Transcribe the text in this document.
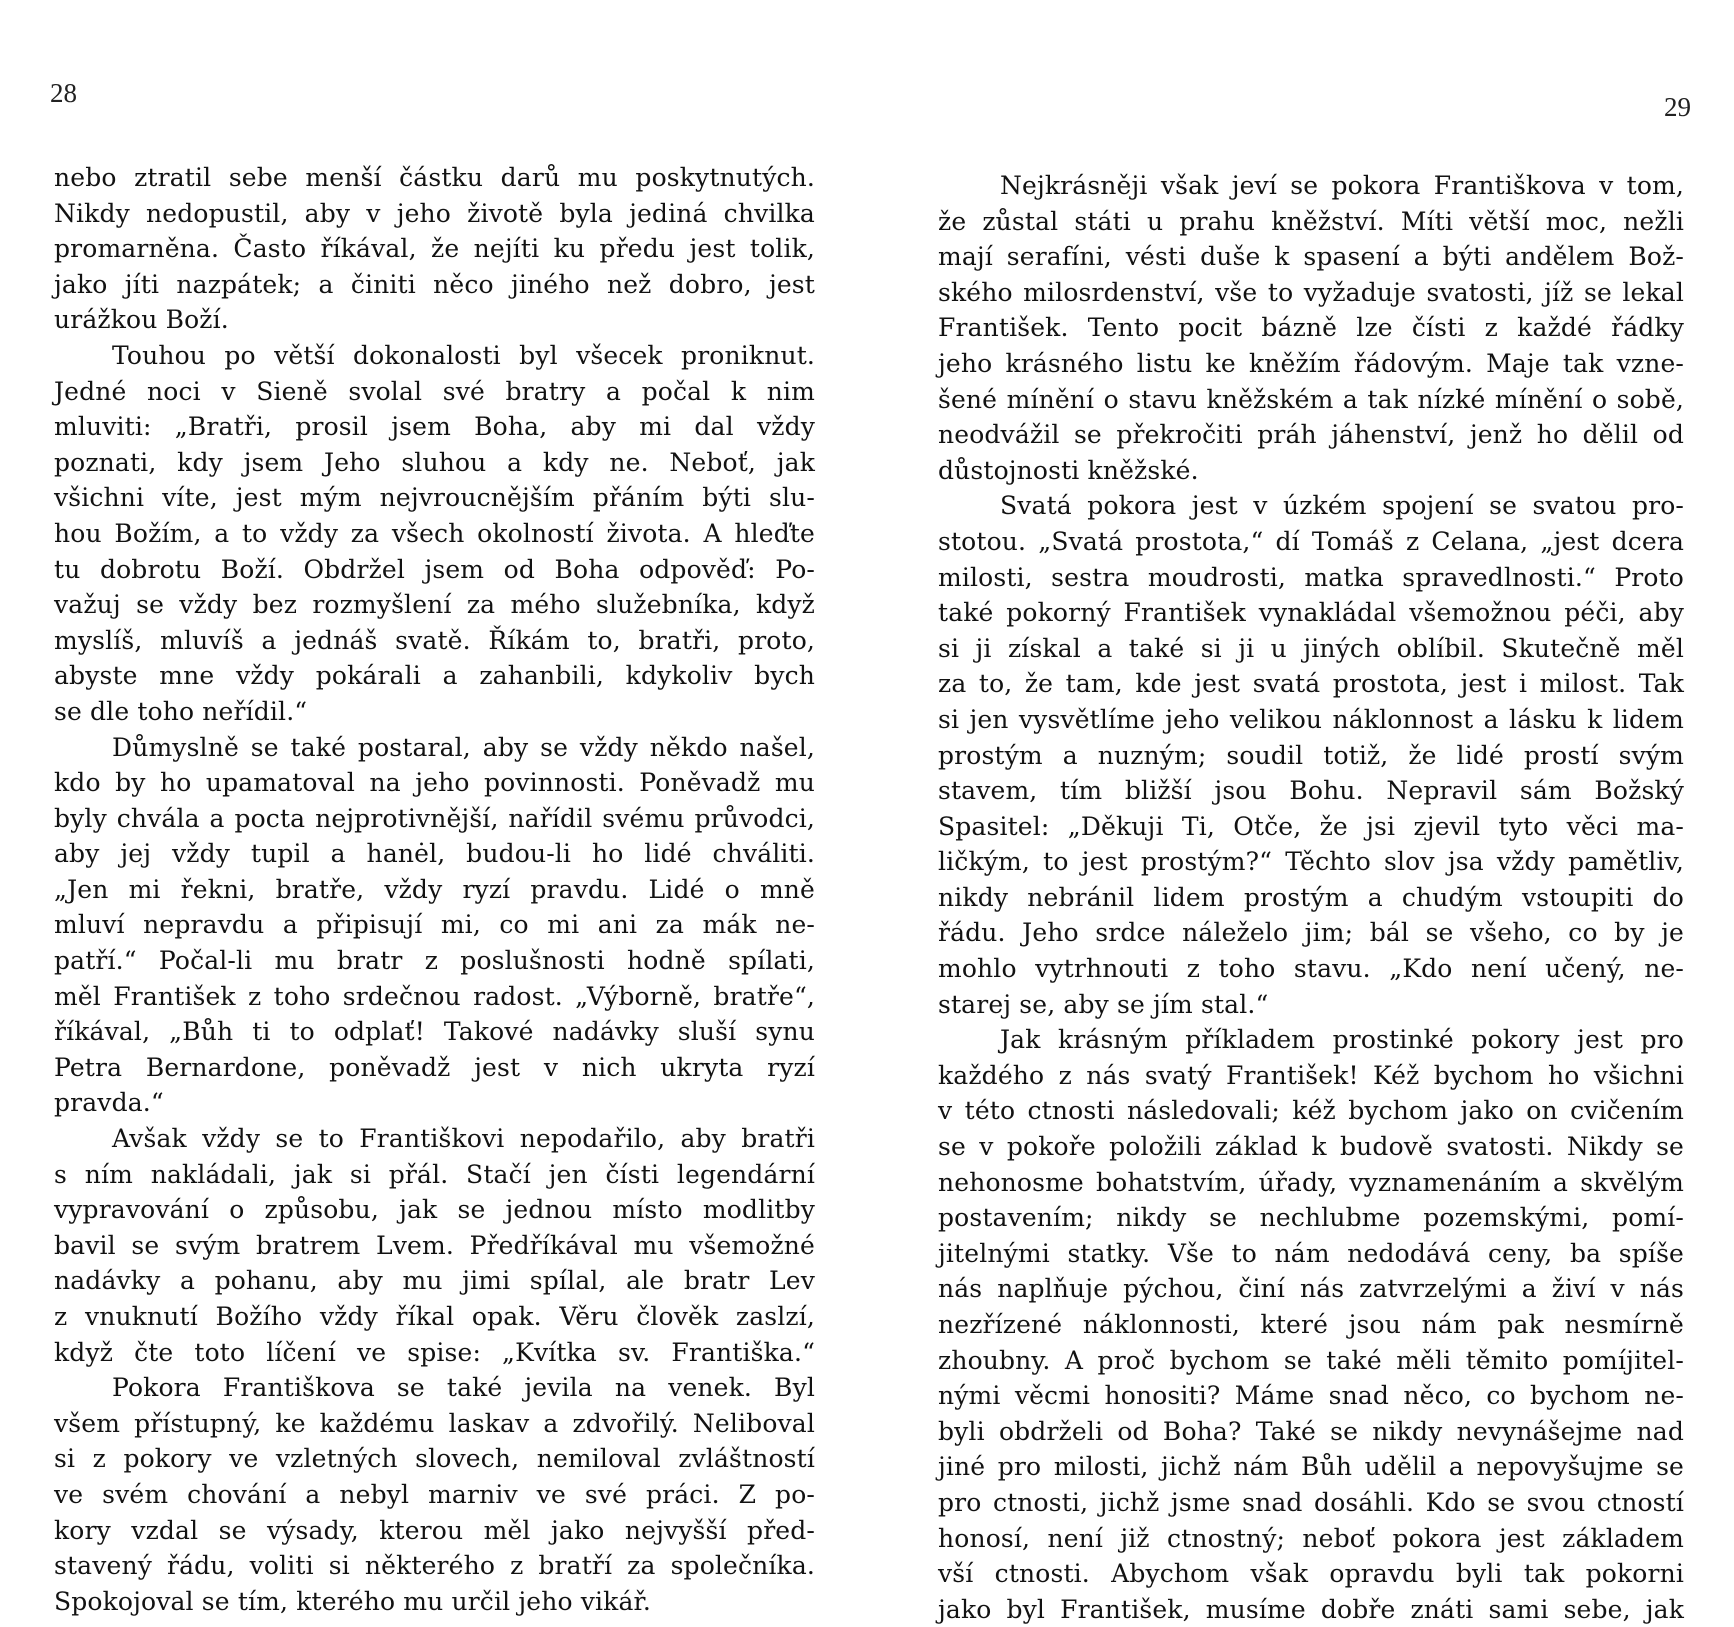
28	29
nebo ztratil sebe menší částku darů mu poskytnutých.
Nikdy nedopustil, aby v jeho životě byla jediná chvilka
promarněna. Často říkával, že nejíti ku předu jest tolik,
jako jíti nazpátek; a činiti něco jiného než dobro, jest
urážkou Boží.
Touhou po větší dokonalosti byl všecek proniknut.
Jedné noci v Sieně svolal své bratry a počal k nim
mluviti: „Bratři, prosil jsem Boha, aby mi dal vždy
poznati, kdy jsem Jeho sluhou a kdy ne. Neboť, jak
všichni víte, jest mým nejvroucnějším přáním býti slu-
hou Božím, a to vždy za všech okolností života. A hleďte
tu dobrotu Boží. Obdržel jsem od Boha odpověď: Po-
važuj se vždy bez rozmyšlení za mého služebníka, když
myslíš, mluvíš a jednáš svatě. Říkám to, bratři, proto,
abyste mne vždy pokárali a zahanbili, kdykoliv bych
se dle toho neřídil.“
Důmyslně se také postaral, aby se vždy někdo našel,
kdo by ho upamatoval na jeho povinnosti. Poněvadž mu
byly chvála a pocta nejprotivnější, nařídil svému průvodci,
aby jej vždy tupil a hanėl, budou-li ho lidé chváliti.
„Jen mi řekni, bratře, vždy ryzí pravdu. Lidé o mně
mluví nepravdu a připisují mi, co mi ani za mák ne-
patří.“ Počal-li mu bratr z poslušnosti hodně spílati,
měl František z toho srdečnou radost. „Výborně, bratře“,
říkával, „Bůh ti to odplať! Takové nadávky sluší synu
Petra Bernardone, poněvadž jest v nich ukryta ryzí
pravda.“
Avšak vždy se to Františkovi nepodařilo, aby bratři
s ním nakládali, jak si přál. Stačí jen čísti legendární
vypravování o způsobu, jak se jednou místo modlitby
bavil se svým bratrem Lvem. Předříkával mu všemožné
nadávky a pohanu, aby mu jimi spílal, ale bratr Lev
z vnuknutí Božího vždy říkal opak. Věru člověk zaslzí,
když čte toto líčení ve spise: „Kvítka sv. Františka.“
Pokora Františkova se také jevila na venek. Byl
všem přístupný, ke každému laskav a zdvořilý. Neliboval
si z pokory ve vzletných slovech, nemiloval zvláštností
ve svém chování a nebyl marniv ve své práci. Z po-
kory vzdal se výsady, kterou měl jako nejvyšší před-
stavený řádu, voliti si některého z bratří za společníka.
Spokojoval se tím, kterého mu určil jeho vikář.
Nejkrásněji však jeví se pokora Františkova v tom,
že zůstal státi u prahu kněžství. Míti větší moc, nežli
mají serafíni, vésti duše k spasení a býti andělem Bož-
ského milosrdenství, vše to vyžaduje svatosti, jíž se lekal
František. Tento pocit bázně lze čísti z každé řádky
jeho krásného listu ke kněžím řádovým. Maje tak vzne-
šené mínění o stavu kněžském a tak nízké mínění o sobě,
neodvážil se překročiti práh jáhenství, jenž ho dělil od
důstojnosti kněžské.
Svatá pokora jest v úzkém spojení se svatou pro-
stotou. „Svatá prostota,“ dí Tomáš z Celana, „jest dcera
milosti, sestra moudrosti, matka spravedlnosti.“ Proto
také pokorný František vynakládal všemožnou péči, aby
si ji získal a také si ji u jiných oblíbil. Skutečně měl
za to, že tam, kde jest svatá prostota, jest i milost. Tak
si jen vysvětlíme jeho velikou náklonnost a lásku k lidem
prostým a nuzným; soudil totiž, že lidé prostí svým
stavem, tím bližší jsou Bohu. Nepravil sám Božský
Spasitel: „Děkuji Ti, Otče, že jsi zjevil tyto věci ma-
ličkým, to jest prostým?“ Těchto slov jsa vždy pamětliv,
nikdy nebránil lidem prostým a chudým vstoupiti do
řádu. Jeho srdce náleželo jim; bál se všeho, co by je
mohlo vytrhnouti z toho stavu. „Kdo není učený, ne-
starej se, aby se jím stal.“
Jak krásným příkladem prostinké pokory jest pro
každého z nás svatý František! Kéž bychom ho všichni
v této ctnosti následovali; kéž bychom jako on cvičením
se v pokoře položili základ k budově svatosti. Nikdy se
nehonosme bohatstvím, úřady, vyznamenáním a skvělým
postavením; nikdy se nechlubme pozemskými, pomí-
jitelnými statky. Vše to nám nedodává ceny, ba spíše
nás naplňuje pýchou, činí nás zatvrzelými a živí v nás
nezřízené náklonnosti, které jsou nám pak nesmírně
zhoubny. A proč bychom se také měli těmito pomíjitel-
nými věcmi honositi? Máme snad něco, co bychom ne-
byli obdrželi od Boha? Také se nikdy nevynášejme nad
jiné pro milosti, jichž nám Bůh udělil a nepovyšujme se
pro ctnosti, jichž jsme snad dosáhli. Kdo se svou ctností
honosí, není již ctnostný; neboť pokora jest základem
vší ctnosti. Abychom však opravdu byli tak pokorni
jako byl František, musíme dobře znáti sami sebe, jak
